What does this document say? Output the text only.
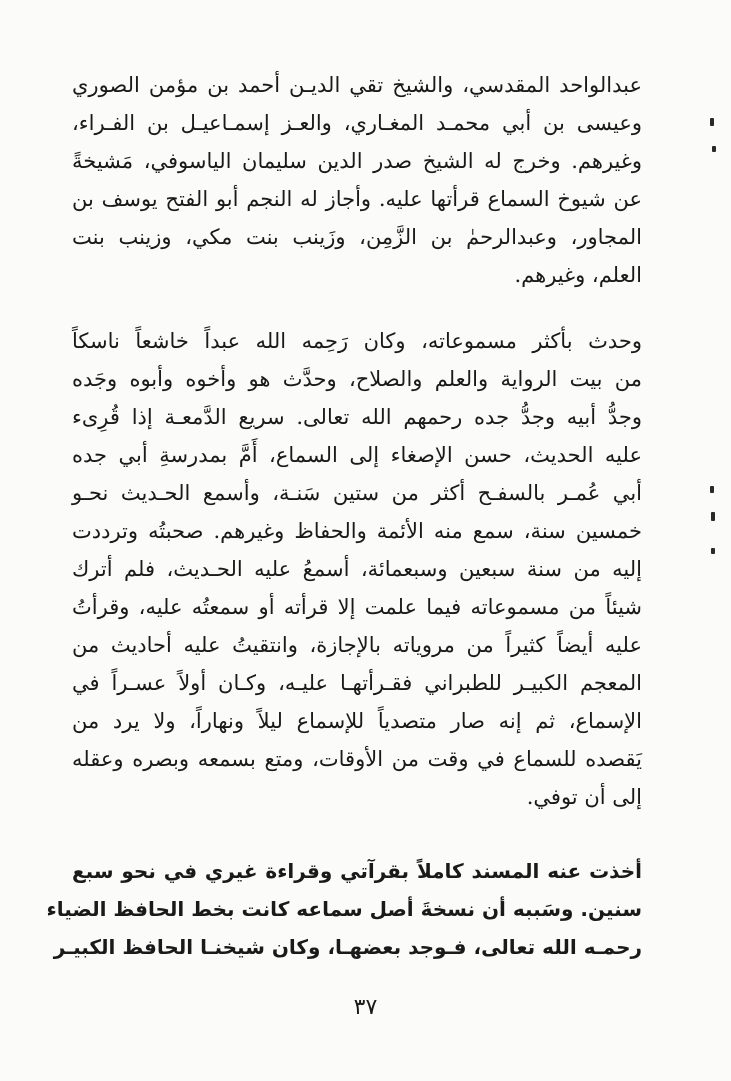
عبدالواحد المقدسي، والشيخ تقي الديـن أحمد بن مؤمن الصوري
وعيسى بن أبي محمـد المغـاري، والعـز إسمـاعيـل بن الفـراء،
وغيرهم. وخرج له الشيخ صدر الدين سليمان الياسوفي، مَشيخةً
عن شيوخ السماع قرأتها عليه. وأجاز له النجم أبو الفتح يوسف بن
المجاور، وعبدالرحمٰ بن الزَّمِن، وزَينب بنت مكي، وزينب بنت
العلم، وغيرهم.
وحدث بأكثر مسموعاته، وكان رَحِمه الله عبداً خاشعاً ناسكاً
من بيت الرواية والعلم والصلاح، وحدَّث هو وأخوه وأبوه وجَده
وجدُّ أبيه وجدُّ جده رحمهم الله تعالى. سريع الدَّمعـة إذا قُرِىء
عليه الحديث، حسن الإصغاء إلى السماع، أَمَّ بمدرسةِ أبي جده
أبي عُمـر بالسفـح أكثر من ستين سَنـة، وأسمع الحـديث نحـو
خمسين سنة، سمع منه الأئمة والحفاظ وغيرهم. صحبتُه وترددت
إليه من سنة سبعين وسبعمائة، أسمعُ عليه الحـديث، فلم أترك
شيئاً من مسموعاته فيما علمت إلا قرأته أو سمعتُه عليه، وقرأتُ
عليه أيضاً كثيراً من مروياته بالإجازة، وانتقيتُ عليه أحاديث من
المعجم الكبيـر للطبراني فقـرأتهـا عليـه، وكـان أولاً عسـراً في
الإسماع، ثم إنه صار متصدياً للإسماع ليلاً ونهاراً، ولا يرد من
يَقصده للسماع في وقت من الأوقات، ومتع بسمعه وبصره وعقله
إلى أن توفي.
أخذت عنه المسند كاملاً بقرآتي وقراءة غيري في نحو سبع
سنين. وسَببه أن نسخةَ أصل سماعه كانت بخط الحافظ الضياء
رحمـه الله تعالى، فـوجد بعضهـا، وكان شيخنـا الحافظ الكبيـر
٣٧
